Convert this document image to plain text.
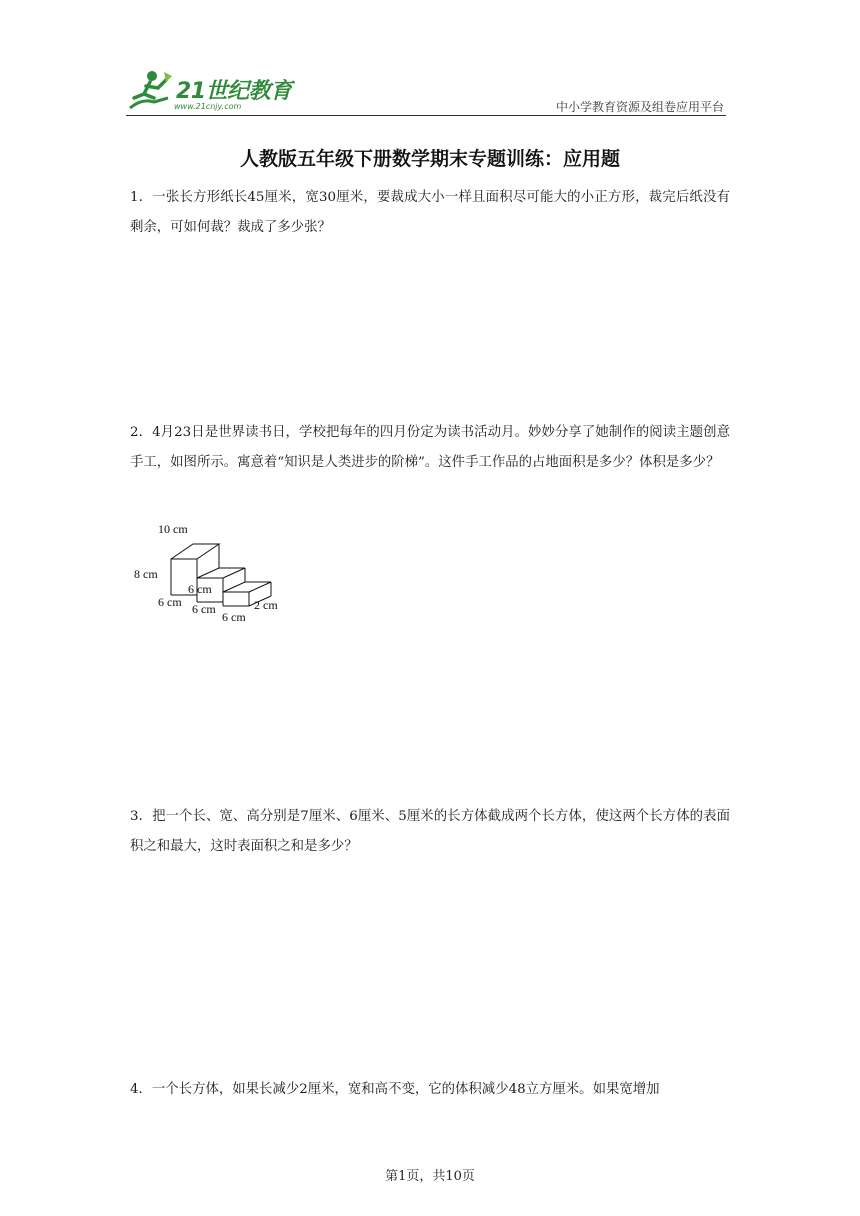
21世纪教育
www.21cnjy.com	中小学教育资源及组卷应用平台
人教版五年级下册数学期末专题训练：应用题
1．一张长方形纸长45厘米，宽30厘米，要裁成大小一样且面积尽可能大的小正方形，裁完后纸没有剩余，可如何裁？裁成了多少张？
2．4月23日是世界读书日，学校把每年的四月份定为读书活动月。妙妙分享了她制作的阅读主题创意手工，如图所示。寓意着“知识是人类进步的阶梯”。这件手工作品的占地面积是多少？体积是多少？
10 cm
8 cm
6 cm
6 cm 6 cm
6 cm
2 cm
3．把一个长、宽、高分别是7厘米、6厘米、5厘米的长方体截成两个长方体，使这两个长方体的表面积之和最大，这时表面积之和是多少？
4．一个长方体，如果长减少2厘米，宽和高不变，它的体积减少48立方厘米。如果宽增加
第1页，共10页
